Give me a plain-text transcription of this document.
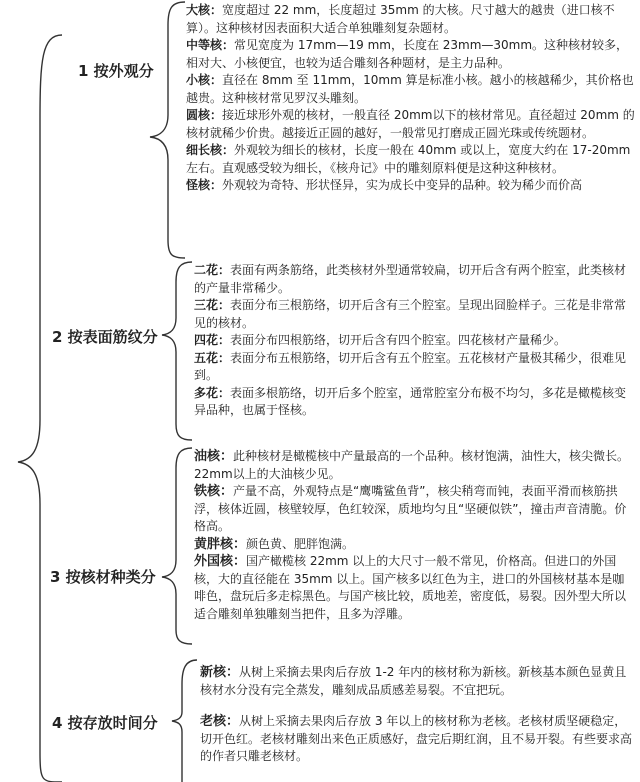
1 按外观分
2 按表面筋纹分
3 按核材种类分
4 按存放时间分

大核：宽度超过 22 mm，长度超过 35mm 的大核。尺寸越大的越贵（进口核不算）。这种核材因表面积大适合单独雕刻复杂题材。

中等核：常见宽度为 17mm—19 mm，长度在 23mm—30mm。这种核材较多，相对大、小核便宜，也较为适合雕刻各种题材，是主力品种。

小核：直径在 8mm 至 11mm，10mm 算是标准小核。越小的核越稀少，其价格也越贵。这种核材常见罗汉头雕刻。

圆核：接近球形外观的核材，一般直径 20mm以下的核材常见。直径超过 20mm 的核材就稀少价贵。越接近正圆的越好，一般常见打磨成正圆光珠或传统题材。

细长核：外观较为细长的核材，长度一般在 40mm 或以上，宽度大约在 17-20mm 左右。直观感受较为细长，《核舟记》中的雕刻原料便是这种这种核材。

怪核：外观较为奇特、形状怪异，实为成长中变异的品种。较为稀少而价高

二花：表面有两条筋络，此类核材外型通常较扁，切开后含有两个腔室，此类核材的产量非常稀少。

三花：表面分布三根筋络，切开后含有三个腔室。呈现出囧脸样子。三花是非常常见的核材。

四花：表面分布四根筋络，切开后含有四个腔室。四花核材产量稀少。

五花：表面分布五根筋络，切开后含有五个腔室。五花核材产量极其稀少，很难见到。

多花：表面多根筋络，切开后多个腔室，通常腔室分布极不均匀，多花是橄榄核变异品种，也属于怪核。

油核：此种核材是橄榄核中产量最高的一个品种。核材饱满，油性大，核尖微长。22mm以上的大油核少见。

铁核：产量不高，外观特点是“鹰嘴鲨鱼背”，核尖稍弯而钝，表面平滑而核筋拱浮，核体近圆，核壁较厚，色红较深，质地均匀且“坚硬似铁”，撞击声音清脆。价格高。

黄胖核：颜色黄、肥胖饱满。

外国核：国产橄榄核 22mm 以上的大尺寸一般不常见，价格高。但进口的外国核，大的直径能在 35mm 以上。国产核多以红色为主，进口的外国核材基本是咖啡色，盘玩后多走棕黑色。与国产核比较，质地差，密度低，易裂。因外型大所以适合雕刻单独雕刻当把件，且多为浮雕。

新核：从树上采摘去果肉后存放 1-2 年内的核材称为新核。新核基本颜色显黄且核材水分没有完全蒸发，雕刻成品质感差易裂。不宜把玩。

老核：从树上采摘去果肉后存放 3 年以上的核材称为老核。老核材质坚硬稳定，切开色红。老核材雕刻出来色正质感好，盘完后期红润，且不易开裂。有些要求高的作者只雕老核材。
